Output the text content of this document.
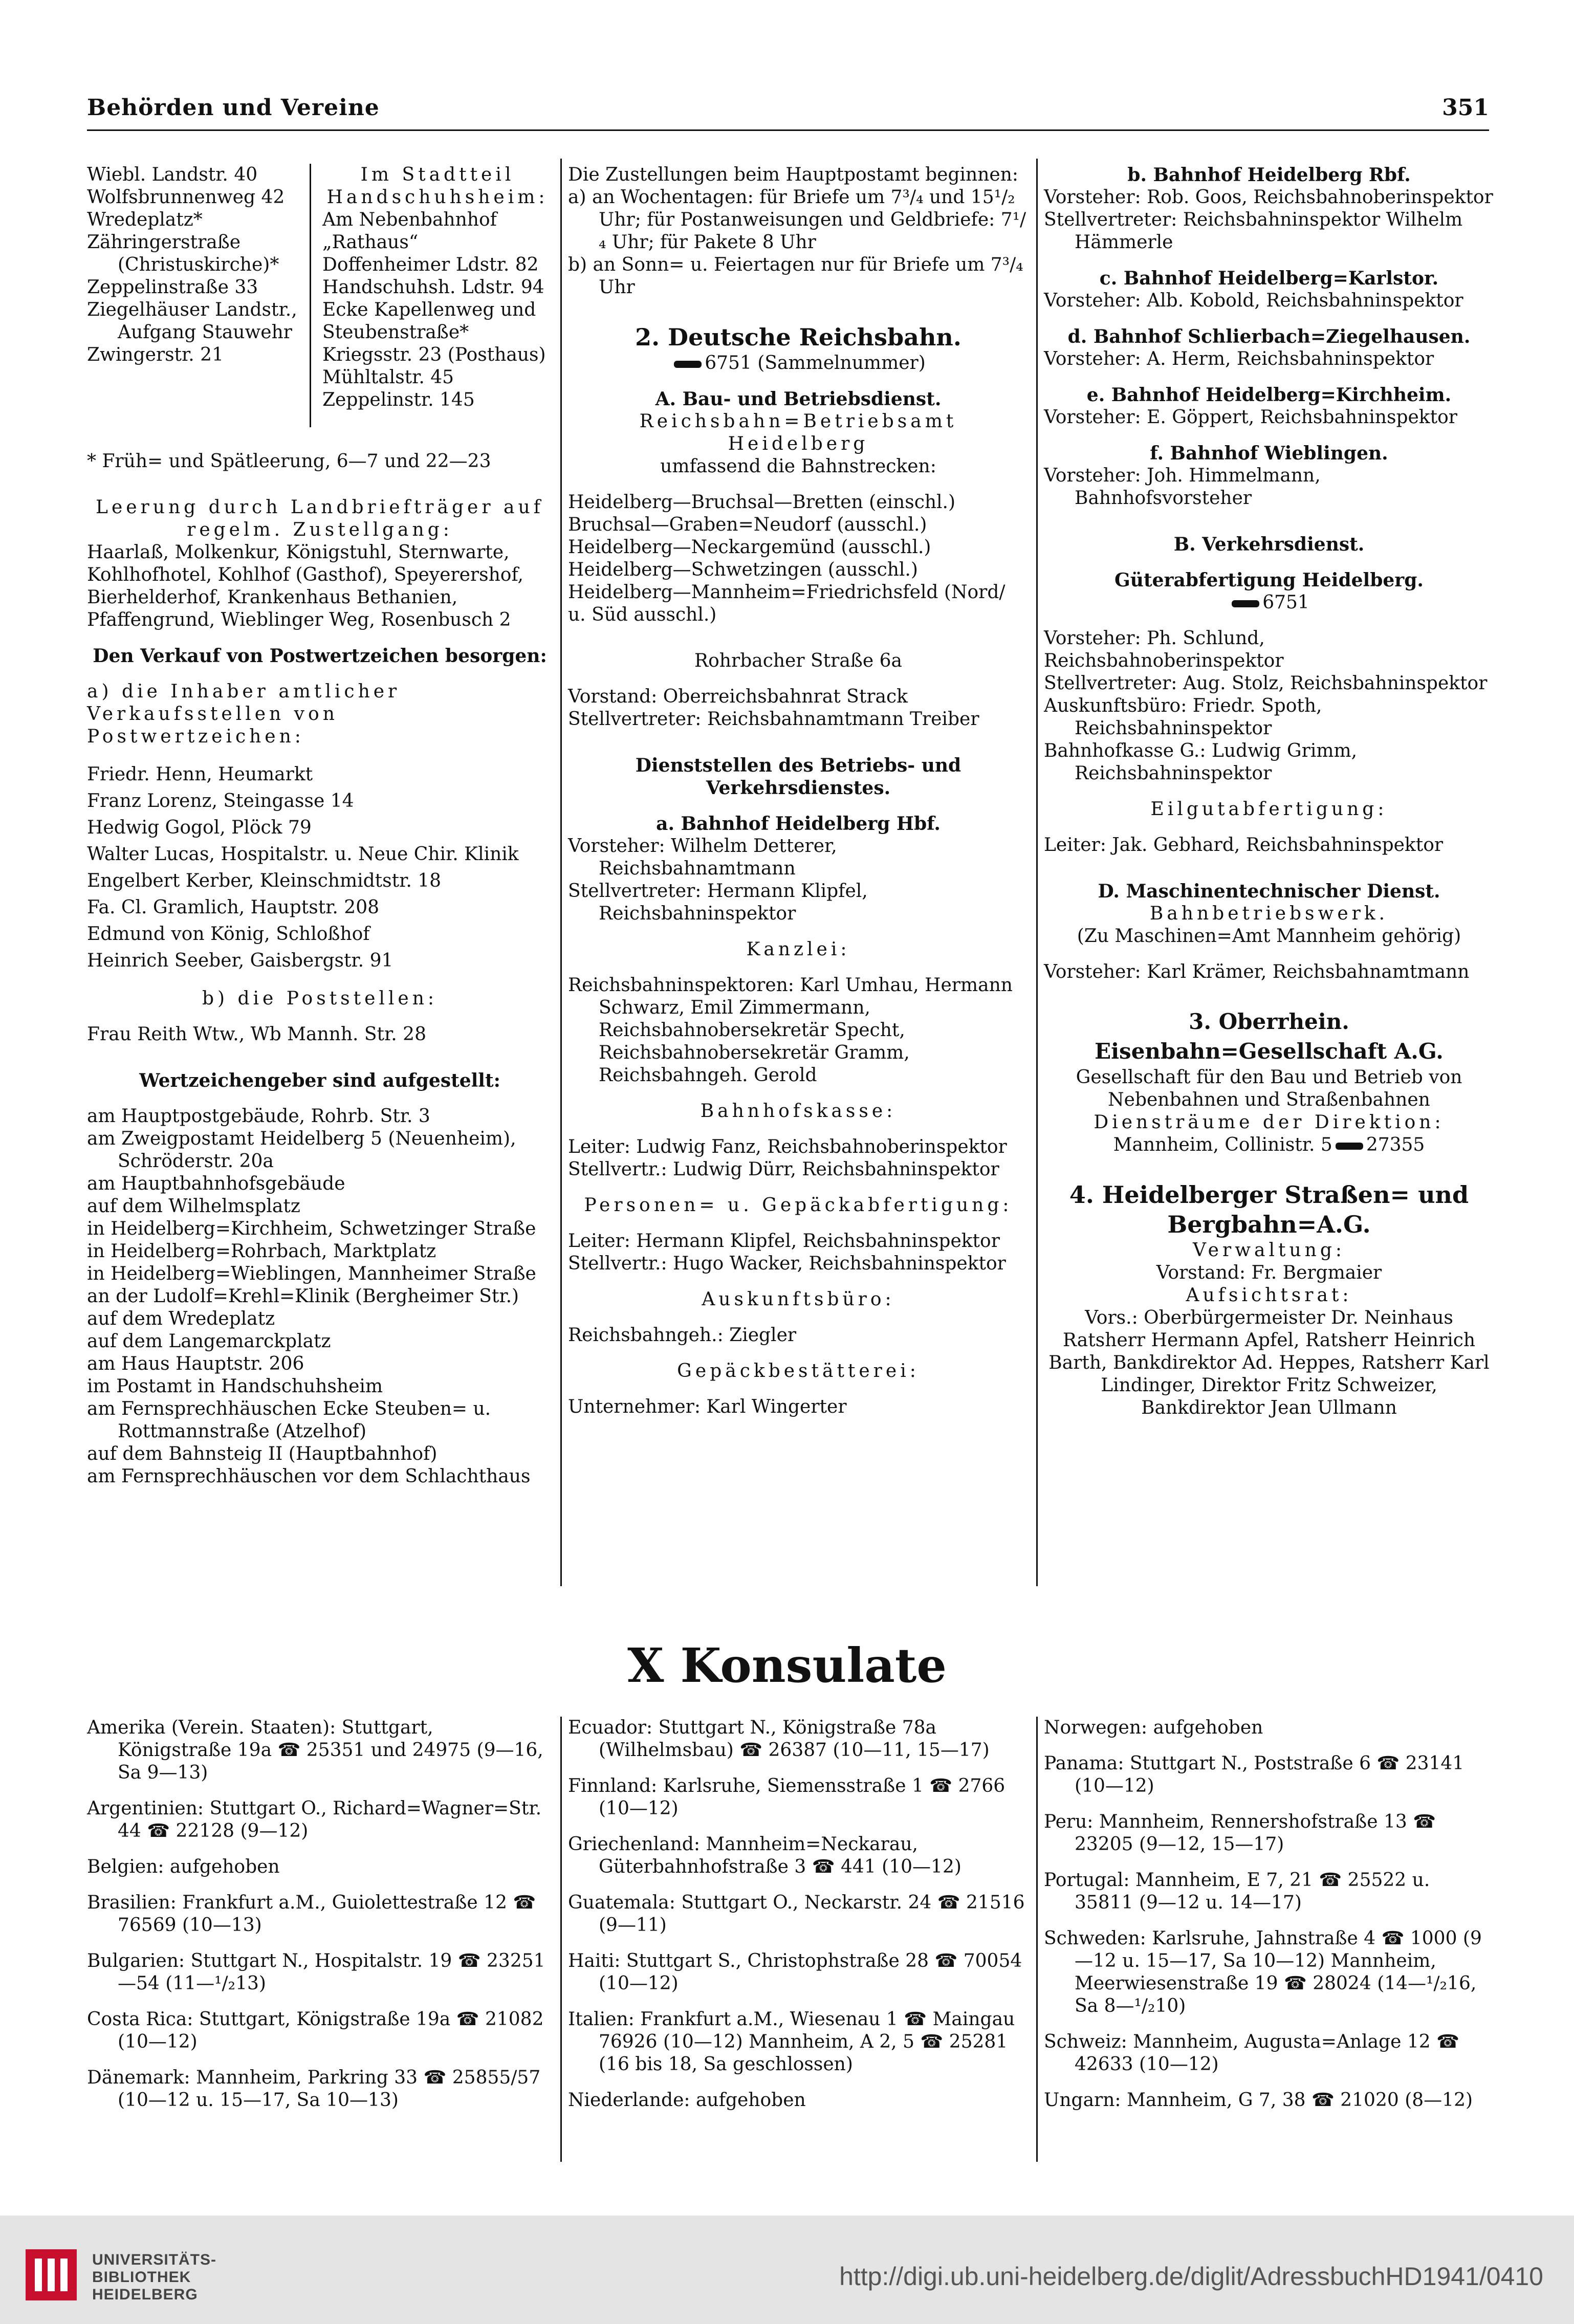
Behörden und Vereine	351

Wiebl. Landstr. 40

Wolfsbrunnenweg 42

Wredeplatz*

Zähringerstraße (Christuskirche)*

Zeppelinstraße 33

Ziegelhäuser Landstr., Aufgang Stauwehr

Zwingerstr. 21

Im Stadtteil

Handschuhsheim:

Am Nebenbahnhof „Rathaus“

Doffenheimer Ldstr. 82

Handschuhsh. Ldstr. 94

Ecke Kapellenweg und Steubenstraße*

Kriegsstr. 23 (Posthaus)

Mühltalstr. 45

Zeppelinstr. 145

* Früh= und Spätleerung, 6—7 und 22—23

Leerung durch Landbriefträger auf regelm. Zustellgang:

Haarlaß, Molkenkur, Königstuhl, Sternwarte, Kohlhofhotel, Kohlhof (Gasthof), Speyerershof, Bierhelderhof, Krankenhaus Bethanien, Pfaffengrund, Wieblinger Weg, Rosenbusch 2

Den Verkauf von Postwertzeichen besorgen:

a) die Inhaber amtlicher Verkaufsstellen von Postwertzeichen:

Friedr. Henn, Heumarkt

Franz Lorenz, Steingasse 14

Hedwig Gogol, Plöck 79

Walter Lucas, Hospitalstr. u. Neue Chir. Klinik

Engelbert Kerber, Kleinschmidtstr. 18

Fa. Cl. Gramlich, Hauptstr. 208

Edmund von König, Schloßhof

Heinrich Seeber, Gaisbergstr. 91

b) die Poststellen:

Frau Reith Wtw., Wb Mannh. Str. 28

Wertzeichengeber sind aufgestellt:

am Hauptpostgebäude, Rohrb. Str. 3

am Zweigpostamt Heidelberg 5 (Neuenheim), Schröderstr. 20a

am Hauptbahnhofsgebäude

auf dem Wilhelmsplatz

in Heidelberg=Kirchheim, Schwetzinger Straße

in Heidelberg=Rohrbach, Marktplatz

in Heidelberg=Wieblingen, Mannheimer Straße

an der Ludolf=Krehl=Klinik (Bergheimer Str.)

auf dem Wredeplatz

auf dem Langemarckplatz

am Haus Hauptstr. 206

im Postamt in Handschuhsheim

am Fernsprechhäuschen Ecke Steuben= u. Rottmannstraße (Atzelhof)

auf dem Bahnsteig II (Hauptbahnhof)

am Fernsprechhäuschen vor dem Schlachthaus

Die Zustellungen beim Hauptpostamt beginnen:

a) an Wochentagen: für Briefe um 7³/₄ und 15¹/₂ Uhr; für Postanweisungen und Geldbriefe: 7¹/₄ Uhr; für Pakete 8 Uhr

b) an Sonn= u. Feiertagen nur für Briefe um 7³/₄ Uhr

2. Deutsche Reichsbahn.

6751 (Sammelnummer)

A. Bau- und Betriebsdienst.

Reichsbahn=Betriebsamt Heidelberg

umfassend die Bahnstrecken:

Heidelberg—Bruchsal—Bretten (einschl.)

Bruchsal—Graben=Neudorf (ausschl.)

Heidelberg—Neckargemünd (ausschl.)

Heidelberg—Schwetzingen (ausschl.)

Heidelberg—Mannheim=Friedrichsfeld (Nord/ u. Süd ausschl.)

Rohrbacher Straße 6a

Vorstand: Oberreichsbahnrat Strack

Stellvertreter: Reichsbahnamtmann Treiber

Dienststellen des Betriebs- und Verkehrsdienstes.

a. Bahnhof Heidelberg Hbf.

Vorsteher: Wilhelm Detterer, Reichsbahnamtmann

Stellvertreter: Hermann Klipfel, Reichsbahninspektor

Kanzlei:

Reichsbahninspektoren: Karl Umhau, Hermann Schwarz, Emil Zimmermann, Reichsbahnobersekretär Specht, Reichsbahnobersekretär Gramm, Reichsbahngeh. Gerold

Bahnhofskasse:

Leiter: Ludwig Fanz, Reichsbahnoberinspektor

Stellvertr.: Ludwig Dürr, Reichsbahninspektor

Personen= u. Gepäckabfertigung:

Leiter: Hermann Klipfel, Reichsbahninspektor

Stellvertr.: Hugo Wacker, Reichsbahninspektor

Auskunftsbüro:

Reichsbahngeh.: Ziegler

Gepäckbestätterei:

Unternehmer: Karl Wingerter

b. Bahnhof Heidelberg Rbf.

Vorsteher: Rob. Goos, Reichsbahnoberinspektor

Stellvertreter: Reichsbahninspektor Wilhelm Hämmerle

c. Bahnhof Heidelberg=Karlstor.

Vorsteher: Alb. Kobold, Reichsbahninspektor

d. Bahnhof Schlierbach=Ziegelhausen.

Vorsteher: A. Herm, Reichsbahninspektor

e. Bahnhof Heidelberg=Kirchheim.

Vorsteher: E. Göppert, Reichsbahninspektor

f. Bahnhof Wieblingen.

Vorsteher: Joh. Himmelmann, Bahnhofsvorsteher

B. Verkehrsdienst.

Güterabfertigung Heidelberg.

6751

Vorsteher: Ph. Schlund, Reichsbahnoberinspektor

Stellvertreter: Aug. Stolz, Reichsbahninspektor

Auskunftsbüro: Friedr. Spoth, Reichsbahninspektor

Bahnhofkasse G.: Ludwig Grimm, Reichsbahninspektor

Eilgutabfertigung:

Leiter: Jak. Gebhard, Reichsbahninspektor

D. Maschinentechnischer Dienst.

Bahnbetriebswerk.

(Zu Maschinen=Amt Mannheim gehörig)

Vorsteher: Karl Krämer, Reichsbahnamtmann

3. Oberrhein. Eisenbahn=Gesellschaft A.G.

Gesellschaft für den Bau und Betrieb von Nebenbahnen und Straßenbahnen

Diensträume der Direktion:

Mannheim, Collinistr. 5 27355

4. Heidelberger Straßen= und Bergbahn=A.G.

Verwaltung:

Vorstand: Fr. Bergmaier

Aufsichtsrat:

Vors.: Oberbürgermeister Dr. Neinhaus Ratsherr Hermann Apfel, Ratsherr Heinrich Barth, Bankdirektor Ad. Heppes, Ratsherr Karl Lindinger, Direktor Fritz Schweizer, Bankdirektor Jean Ullmann

X Konsulate

Amerika (Verein. Staaten): Stuttgart, Königstraße 19a ☎ 25351 und 24975 (9—16, Sa 9—13)

Argentinien: Stuttgart O., Richard=Wagner=Str. 44 ☎ 22128 (9—12)

Belgien: aufgehoben

Brasilien: Frankfurt a.M., Guiolettestraße 12 ☎ 76569 (10—13)

Bulgarien: Stuttgart N., Hospitalstr. 19 ☎ 23251—54 (11—¹/₂13)

Costa Rica: Stuttgart, Königstraße 19a ☎ 21082 (10—12)

Dänemark: Mannheim, Parkring 33 ☎ 25855/57 (10—12 u. 15—17, Sa 10—13)

Ecuador: Stuttgart N., Königstraße 78a (Wilhelmsbau) ☎ 26387 (10—11, 15—17)

Finnland: Karlsruhe, Siemensstraße 1 ☎ 2766 (10—12)

Griechenland: Mannheim=Neckarau, Güterbahnhofstraße 3 ☎ 441 (10—12)

Guatemala: Stuttgart O., Neckarstr. 24 ☎ 21516 (9—11)

Haiti: Stuttgart S., Christophstraße 28 ☎ 70054 (10—12)

Italien: Frankfurt a.M., Wiesenau 1 ☎ Maingau 76926 (10—12) Mannheim, A 2, 5 ☎ 25281 (16 bis 18, Sa geschlossen)

Niederlande: aufgehoben

Norwegen: aufgehoben

Panama: Stuttgart N., Poststraße 6 ☎ 23141 (10—12)

Peru: Mannheim, Rennershofstraße 13 ☎ 23205 (9—12, 15—17)

Portugal: Mannheim, E 7, 21 ☎ 25522 u. 35811 (9—12 u. 14—17)

Schweden: Karlsruhe, Jahnstraße 4 ☎ 1000 (9—12 u. 15—17, Sa 10—12) Mannheim, Meerwiesenstraße 19 ☎ 28024 (14—¹/₂16, Sa 8—¹/₂10)

Schweiz: Mannheim, Augusta=Anlage 12 ☎ 42633 (10—12)

Ungarn: Mannheim, G 7, 38 ☎ 21020 (8—12)

UNIVERSITÄTS-
BIBLIOTHEK
HEIDELBERG
http://digi.ub.uni-heidelberg.de/diglit/AdressbuchHD1941/0410
